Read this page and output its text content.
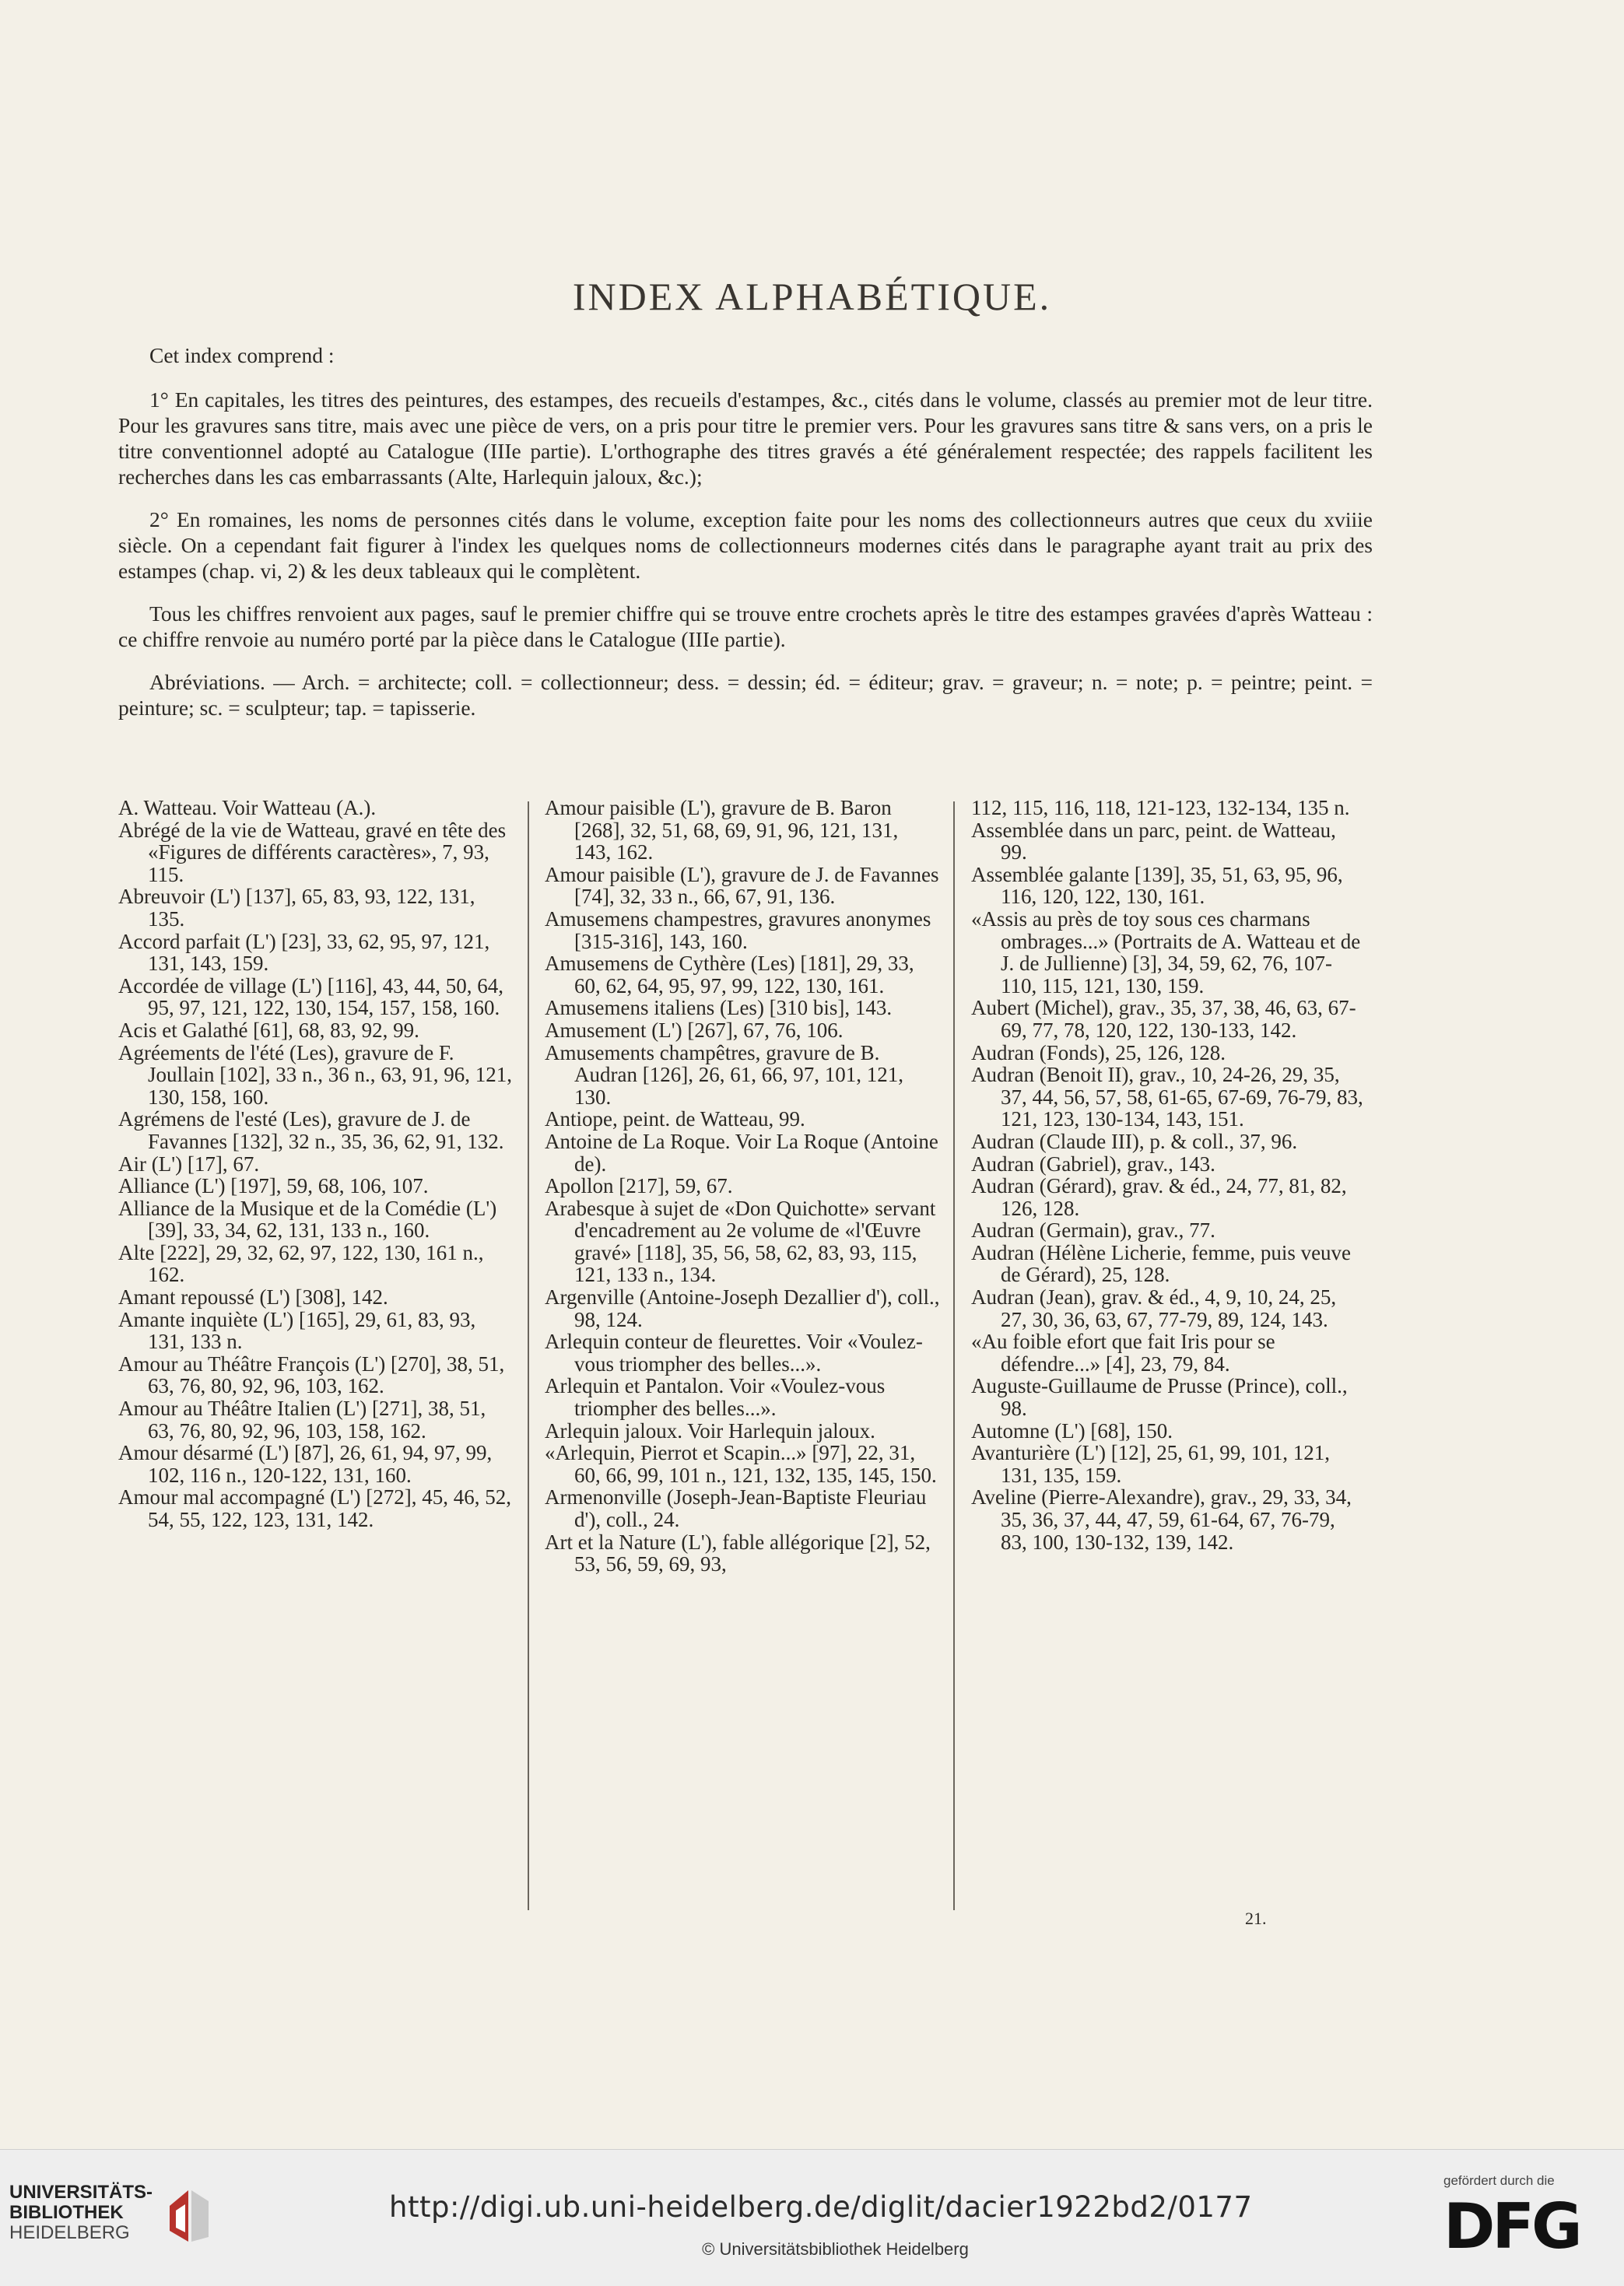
INDEX ALPHABÉTIQUE.

Cet index comprend :

1° En capitales, les titres des peintures, des estampes, des recueils d'estampes, &c., cités dans le volume, classés au premier mot de leur titre. Pour les gravures sans titre, mais avec une pièce de vers, on a pris pour titre le premier vers. Pour les gravures sans titre & sans vers, on a pris le titre conventionnel adopté au Catalogue (IIIe partie). L'orthographe des titres gravés a été généralement respectée; des rappels facilitent les recherches dans les cas embarrassants (Alte, Harlequin jaloux, &c.);

2° En romaines, les noms de personnes cités dans le volume, exception faite pour les noms des collectionneurs autres que ceux du xviiie siècle. On a cependant fait figurer à l'index les quelques noms de collectionneurs modernes cités dans le paragraphe ayant trait au prix des estampes (chap. vi, 2) & les deux tableaux qui le complètent.

Tous les chiffres renvoient aux pages, sauf le premier chiffre qui se trouve entre crochets après le titre des estampes gravées d'après Watteau : ce chiffre renvoie au numéro porté par la pièce dans le Catalogue (IIIe partie).

Abréviations. — Arch. = architecte; coll. = collectionneur; dess. = dessin; éd. = éditeur; grav. = graveur; n. = note; p. = peintre; peint. = peinture; sc. = sculpteur; tap. = tapisserie.

A. Watteau. Voir Watteau (A.).

Abrégé de la vie de Watteau, gravé en tête des «Figures de différents caractères», 7, 93, 115.

Abreuvoir (L') [137], 65, 83, 93, 122, 131, 135.

Accord parfait (L') [23], 33, 62, 95, 97, 121, 131, 143, 159.

Accordée de village (L') [116], 43, 44, 50, 64, 95, 97, 121, 122, 130, 154, 157, 158, 160.

Acis et Galathé [61], 68, 83, 92, 99.

Agréements de l'été (Les), gravure de F. Joullain [102], 33 n., 36 n., 63, 91, 96, 121, 130, 158, 160.

Agrémens de l'esté (Les), gravure de J. de Favannes [132], 32 n., 35, 36, 62, 91, 132.

Air (L') [17], 67.

Alliance (L') [197], 59, 68, 106, 107.

Alliance de la Musique et de la Comédie (L') [39], 33, 34, 62, 131, 133 n., 160.

Alte [222], 29, 32, 62, 97, 122, 130, 161 n., 162.

Amant repoussé (L') [308], 142.

Amante inquiète (L') [165], 29, 61, 83, 93, 131, 133 n.

Amour au Théâtre François (L') [270], 38, 51, 63, 76, 80, 92, 96, 103, 162.

Amour au Théâtre Italien (L') [271], 38, 51, 63, 76, 80, 92, 96, 103, 158, 162.

Amour désarmé (L') [87], 26, 61, 94, 97, 99, 102, 116 n., 120-122, 131, 160.

Amour mal accompagné (L') [272], 45, 46, 52, 54, 55, 122, 123, 131, 142.

Amour paisible (L'), gravure de B. Baron [268], 32, 51, 68, 69, 91, 96, 121, 131, 143, 162.

Amour paisible (L'), gravure de J. de Favannes [74], 32, 33 n., 66, 67, 91, 136.

Amusemens champestres, gravures anonymes [315-316], 143, 160.

Amusemens de Cythère (Les) [181], 29, 33, 60, 62, 64, 95, 97, 99, 122, 130, 161.

Amusemens italiens (Les) [310 bis], 143.

Amusement (L') [267], 67, 76, 106.

Amusements champêtres, gravure de B. Audran [126], 26, 61, 66, 97, 101, 121, 130.

Antiope, peint. de Watteau, 99.

Antoine de La Roque. Voir La Roque (Antoine de).

Apollon [217], 59, 67.

Arabesque à sujet de «Don Quichotte» servant d'encadrement au 2e volume de «l'Œuvre gravé» [118], 35, 56, 58, 62, 83, 93, 115, 121, 133 n., 134.

Argenville (Antoine-Joseph Dezallier d'), coll., 98, 124.

Arlequin conteur de fleurettes. Voir «Voulez-vous triompher des belles...».

Arlequin et Pantalon. Voir «Voulez-vous triompher des belles...».

Arlequin jaloux. Voir Harlequin jaloux.

«Arlequin, Pierrot et Scapin...» [97], 22, 31, 60, 66, 99, 101 n., 121, 132, 135, 145, 150.

Armenonville (Joseph-Jean-Baptiste Fleuriau d'), coll., 24.

Art et la Nature (L'), fable allégorique [2], 52, 53, 56, 59, 69, 93,

112, 115, 116, 118, 121-123, 132-134, 135 n.

Assemblée dans un parc, peint. de Watteau, 99.

Assemblée galante [139], 35, 51, 63, 95, 96, 116, 120, 122, 130, 161.

«Assis au près de toy sous ces charmans ombrages...» (Portraits de A. Watteau et de J. de Jullienne) [3], 34, 59, 62, 76, 107-110, 115, 121, 130, 159.

Aubert (Michel), grav., 35, 37, 38, 46, 63, 67-69, 77, 78, 120, 122, 130-133, 142.

Audran (Fonds), 25, 126, 128.

Audran (Benoit II), grav., 10, 24-26, 29, 35, 37, 44, 56, 57, 58, 61-65, 67-69, 76-79, 83, 121, 123, 130-134, 143, 151.

Audran (Claude III), p. & coll., 37, 96.

Audran (Gabriel), grav., 143.

Audran (Gérard), grav. & éd., 24, 77, 81, 82, 126, 128.

Audran (Germain), grav., 77.

Audran (Hélène Licherie, femme, puis veuve de Gérard), 25, 128.

Audran (Jean), grav. & éd., 4, 9, 10, 24, 25, 27, 30, 36, 63, 67, 77-79, 89, 124, 143.

«Au foible efort que fait Iris pour se défendre...» [4], 23, 79, 84.

Auguste-Guillaume de Prusse (Prince), coll., 98.

Automne (L') [68], 150.

Avanturière (L') [12], 25, 61, 99, 101, 121, 131, 135, 159.

Aveline (Pierre-Alexandre), grav., 29, 33, 34, 35, 36, 37, 44, 47, 59, 61-64, 67, 76-79, 83, 100, 130-132, 139, 142.

21.
UNIVERSITÄTS-
BIBLIOTHEK
HEIDELBERG
http://digi.ub.uni-heidelberg.de/diglit/dacier1922bd2/0177
© Universitätsbibliothek Heidelberg
gefördert durch die
DFG
